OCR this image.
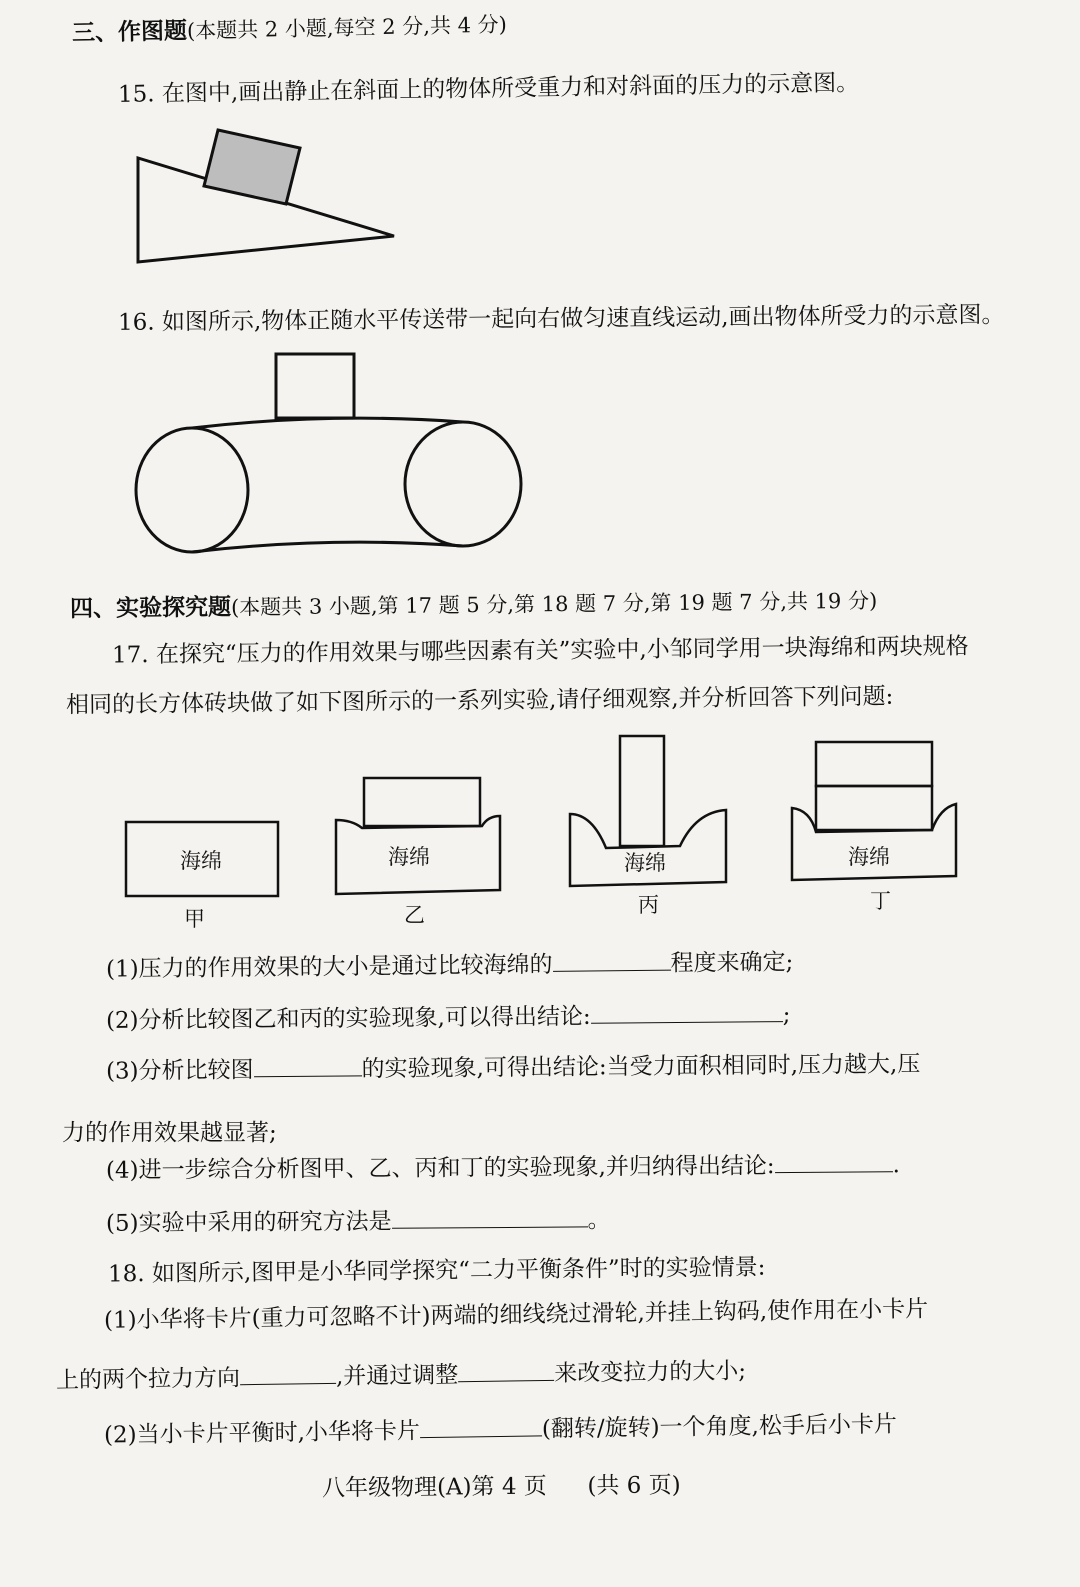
三、作图题(本题共 2 小题,每空 2 分,共 4 分)
15. 在图中,画出静止在斜面上的物体所受重力和对斜面的压力的示意图。
16. 如图所示,物体正随水平传送带一起向右做匀速直线运动,画出物体所受力的示意图。
四、实验探究题(本题共 3 小题,第 17 题 5 分,第 18 题 7 分,第 19 题 7 分,共 19 分)
17. 在探究“压力的作用效果与哪些因素有关”实验中,小邹同学用一块海绵和两块规格
相同的长方体砖块做了如下图所示的一系列实验,请仔细观察,并分析回答下列问题:
海绵
甲
海绵
乙
海绵
丙
海绵
丁
(1)压力的作用效果的大小是通过比较海绵的	程度来确定;
(2)分析比较图乙和丙的实验现象,可以得出结论:	;
(3)分析比较图	的实验现象,可得出结论:当受力面积相同时,压力越大,压
力的作用效果越显著;
(4)进一步综合分析图甲、乙、丙和丁的实验现象,并归纳得出结论:	.
(5)实验中采用的研究方法是	。
18. 如图所示,图甲是小华同学探究“二力平衡条件”时的实验情景:
(1)小华将卡片(重力可忽略不计)两端的细线绕过滑轮,并挂上钩码,使作用在小卡片
上的两个拉力方向	,并通过调整	来改变拉力的大小;
(2)当小卡片平衡时,小华将卡片	(翻转/旋转)一个角度,松手后小卡片
八年级物理(A)第 4 页 (共 6 页)
